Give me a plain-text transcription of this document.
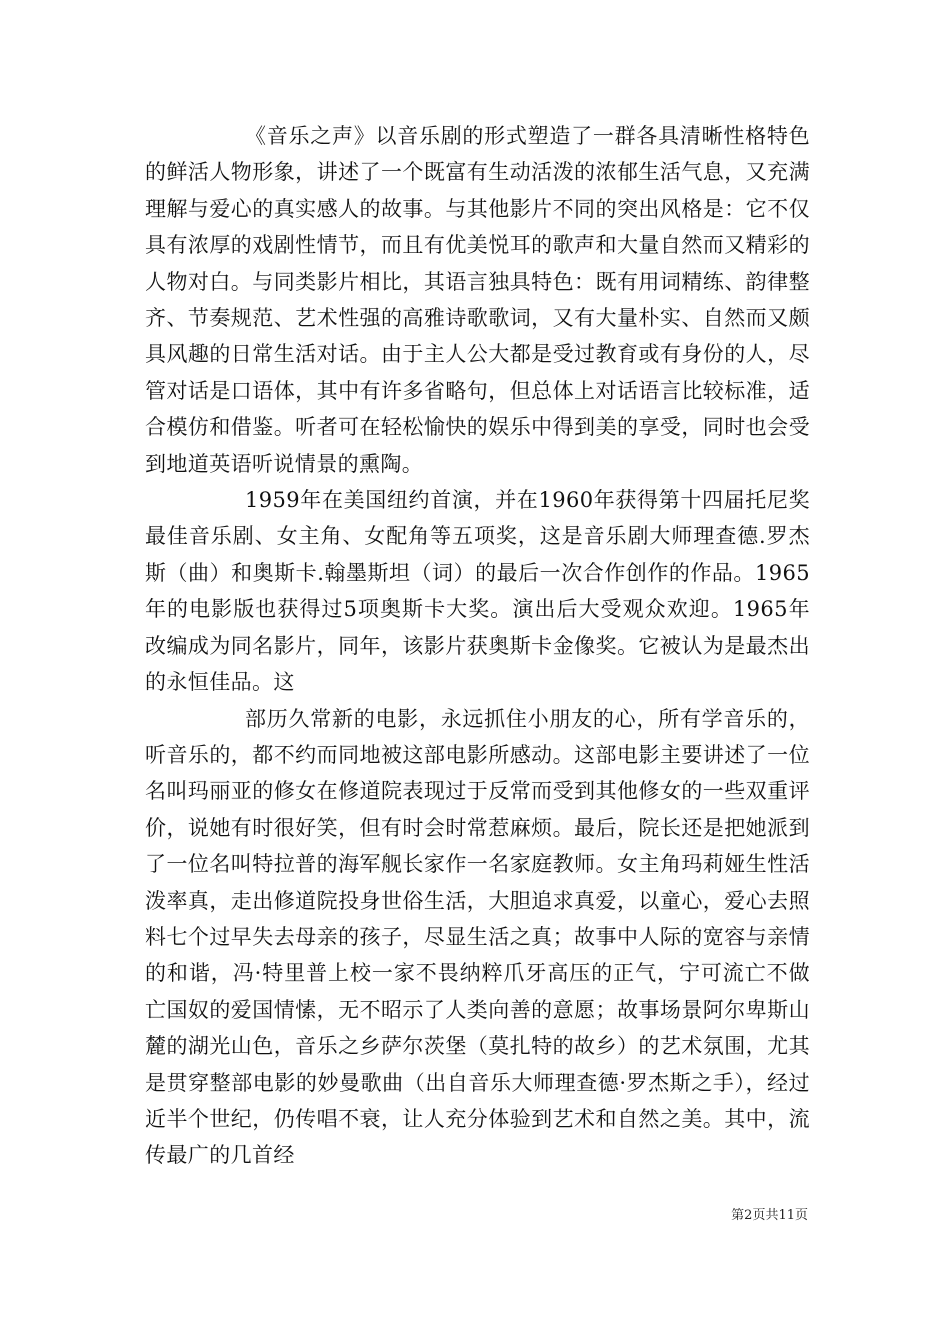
《音乐之声》以音乐剧的形式塑造了一群各具清晰性格特色的鲜活人物形象，讲述了一个既富有生动活泼的浓郁生活气息，又充满理解与爱心的真实感人的故事。与其他影片不同的突出风格是：它不仅具有浓厚的戏剧性情节，而且有优美悦耳的歌声和大量自然而又精彩的人物对白。与同类影片相比，其语言独具特色：既有用词精练、韵律整齐、节奏规范、艺术性强的高雅诗歌歌词，又有大量朴实、自然而又颇具风趣的日常生活对话。由于主人公大都是受过教育或有身份的人，尽管对话是口语体，其中有许多省略句，但总体上对话语言比较标准，适合模仿和借鉴。听者可在轻松愉快的娱乐中得到美的享受，同时也会受到地道英语听说情景的熏陶。

1959年在美国纽约首演，并在1960年获得第十四届托尼奖最佳音乐剧、女主角、女配角等五项奖，这是音乐剧大师理查德.罗杰斯（曲）和奥斯卡.翰墨斯坦（词）的最后一次合作创作的作品。1965年的电影版也获得过5项奥斯卡大奖。演出后大受观众欢迎。1965年改编成为同名影片，同年，该影片获奥斯卡金像奖。它被认为是最杰出的永恒佳品。这

部历久常新的电影，永远抓住小朋友的心，所有学音乐的，听音乐的，都不约而同地被这部电影所感动。这部电影主要讲述了一位名叫玛丽亚的修女在修道院表现过于反常而受到其他修女的一些双重评价，说她有时很好笑，但有时会时常惹麻烦。最后，院长还是把她派到了一位名叫特拉普的海军舰长家作一名家庭教师。女主角玛莉娅生性活泼率真，走出修道院投身世俗生活，大胆追求真爱，以童心，爱心去照料七个过早失去母亲的孩子，尽显生活之真；故事中人际的宽容与亲情的和谐，冯·特里普上校一家不畏纳粹爪牙高压的正气，宁可流亡不做亡国奴的爱国情愫，无不昭示了人类向善的意愿；故事场景阿尔卑斯山麓的湖光山色，音乐之乡萨尔茨堡（莫扎特的故乡）的艺术氛围，尤其是贯穿整部电影的妙曼歌曲（出自音乐大师理查德·罗杰斯之手），经过近半个世纪，仍传唱不衰，让人充分体验到艺术和自然之美。其中，流传最广的几首经

第2页共11页
